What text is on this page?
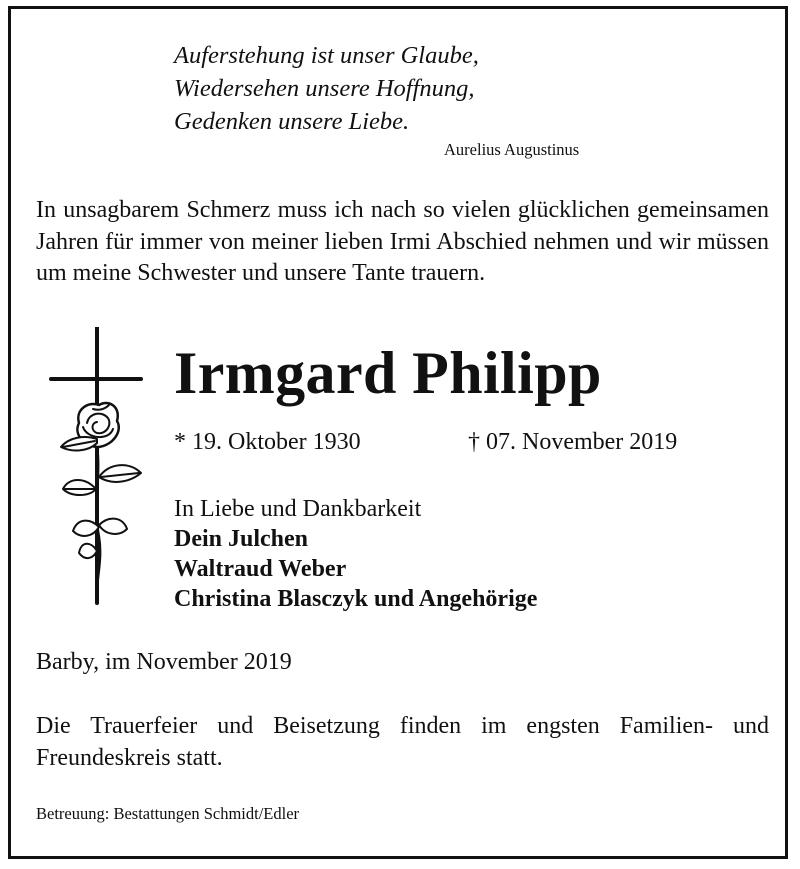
Auferstehung ist unser Glaube,
Wiedersehen unsere Hoffnung,
Gedenken unsere Liebe.
Aurelius Augustinus
In unsagbarem Schmerz muss ich nach so vielen glücklichen gemeinsamen Jahren für immer von meiner lieben Irmi Abschied nehmen und wir müssen um meine Schwester und unsere Tante trauern.
Irmgard Philipp
* 19. Oktober 1930	† 07. November 2019
In Liebe und Dankbarkeit
Dein Julchen
Waltraud Weber
Christina Blasczyk und Angehörige
Barby, im November 2019
Die Trauerfeier und Beisetzung finden im engsten Familien- und Freundeskreis statt.
Betreuung: Bestattungen Schmidt/Edler
